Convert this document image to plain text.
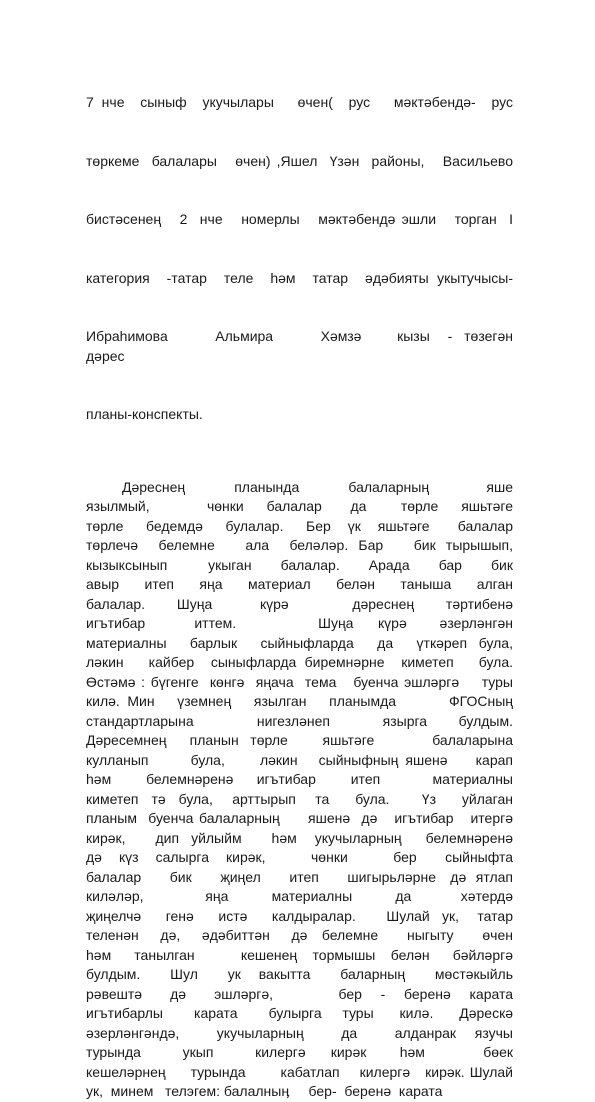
7 нче  сыныф  укучылары   өчен(  рус   мәктәбендә-  рус

төркеме  балалары   өчен) ,Яшел  Үзән  районы,   Васильево

бистәсенең   2  нче   номерлы   мәктәбендә эшли   торган  I

категория  -татар  теле  һәм  татар  әдәбияты укытучысы-

Ибраһимова        Альмира        Хәмзә      кызы   -  төзегән      дәрес

планы-конспекты.

Дәреснең      планында      балаларның       яше
язылмый,          чөнки    балалар     да      төрле    яшьтәге
төрле    бедемдә    булалар.    Бер   үк   яшьтәге     балалар
төрлечә  белемне   ала  беләләр. Бар   бик тырышып,
кызыксынып       укыган     балалар.     Арада     бар     бик
авыр   итеп   яңа   материал   белән   таныша   алган
балалар.    Шуңа      күрә        дәреснең    тәртибенә
игътибар      иттем.          Шуңа   күрә    әзерләнгән
материалны  барлык  сыйныфларда  да  үткәреп була,
ләкин   кайбер  сыныфларда биремнәрне  киметеп   була.
Өстәмә : бүгенге  көнгә  яңача  тема   буенча эшләргә    туры
килә. Мин   үземнең   язылган   планымда       ФГОСның
стандартларына      нигезләнеп     язырга   булдым.
Дәресемнең  планын төрле   яшьтәге     балаларына
кулланып      була,     ләкин   сыйныфның яшенә    карап
һәм      белемнәренә    игътибар      итеп         материалны
киметеп  тә  була,   арттырып   та    була.     Үз    уйлаган
планым  буенча балаларның     яшенә  дә   игътибар   итергә
кирәк,     дип  уйлыйм     һәм   укучыларның    белемнәренә
дә   күз   салырга   кирәк,        чөнки        бер     сыйныфта
балалар      бик      җиңел      итеп      шигырьләрне   дә  ятлап
киләләр,          яңа       материалны       да        хәтердә
җиңелчә    генә    истә    калдыралар.     Шулай  ук,   татар
теленән   дә,   әдәбиттән   дә  белемне    ныгыту    өчен
һәм   танылган      кешенең  тормышы  белән   бәйләргә
булдым.     Шул     ук   вакытта     баларның     мөстәкыйль
рәвештә   дә   эшләргә,       бер  -  беренә  карата
игътибарлы      карата      булырга    туры     килә.     Дәрескә
әзерләнгәндә,      укучыларның      да      алданрак   язучы
турында     укып     килергә   кирәк    һәм       бөек
кешеләрнең     турында       кабатлап    килергә   кирәк. Шулай
ук,  минем   телэгем: балалныӊ     бер-  беренә  карата
